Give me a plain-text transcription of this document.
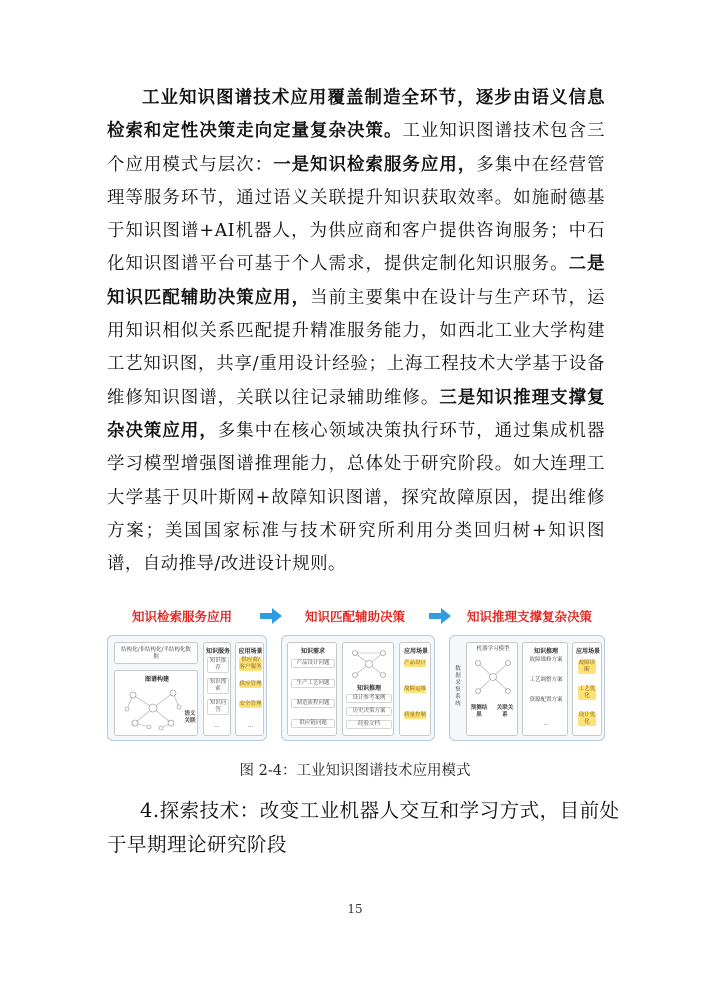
工业知识图谱技术应用覆盖制造全环节，逐步由语义信息检索和定性决策走向定量复杂决策。工业知识图谱技术包含三个应用模式与层次：一是知识检索服务应用，多集中在经营管理等服务环节，通过语义关联提升知识获取效率。如施耐德基于知识图谱+AI机器人，为供应商和客户提供咨询服务；中石化知识图谱平台可基于个人需求，提供定制化知识服务。二是知识匹配辅助决策应用，当前主要集中在设计与生产环节，运用知识相似关系匹配提升精准服务能力，如西北工业大学构建工艺知识图，共享/重用设计经验；上海工程技术大学基于设备维修知识图谱，关联以往记录辅助维修。三是知识推理支撑复杂决策应用，多集中在核心领域决策执行环节，通过集成机器学习模型增强图谱推理能力，总体处于研究阶段。如大连理工大学基于贝叶斯网+故障知识图谱，探究故障原因，提出维修方案；美国国家标准与技术研究所利用分类回归树+知识图谱，自动推导/改进设计规则。
知识检索服务应用	知识匹配辅助决策	知识推理支撑复杂决策
结构化/非结构化/半结构化数据
图谱构建
语义关联
知识服务
知识推荐
知识搜索
知识问答
...
应用场景
供应商/客户服务
供应管理
安全管理
...
知识需求
产品设计问题
生产工艺问题
制造流程问题
供应链问题
知识推理
设计参考案例
历史决策方案
经验文档
应用场景
产品设计
故障运维
质量控制
数据采集系统
机器学习模型
预测结果
关联关系
知识推理
故障维修方案
工艺调整方案
资源配置方案
...
应用场景
故障诊断
工艺优化
设计优化
图 2-4：工业知识图谱技术应用模式
4.探索技术：改变工业机器人交互和学习方式，目前处
于早期理论研究阶段
15
